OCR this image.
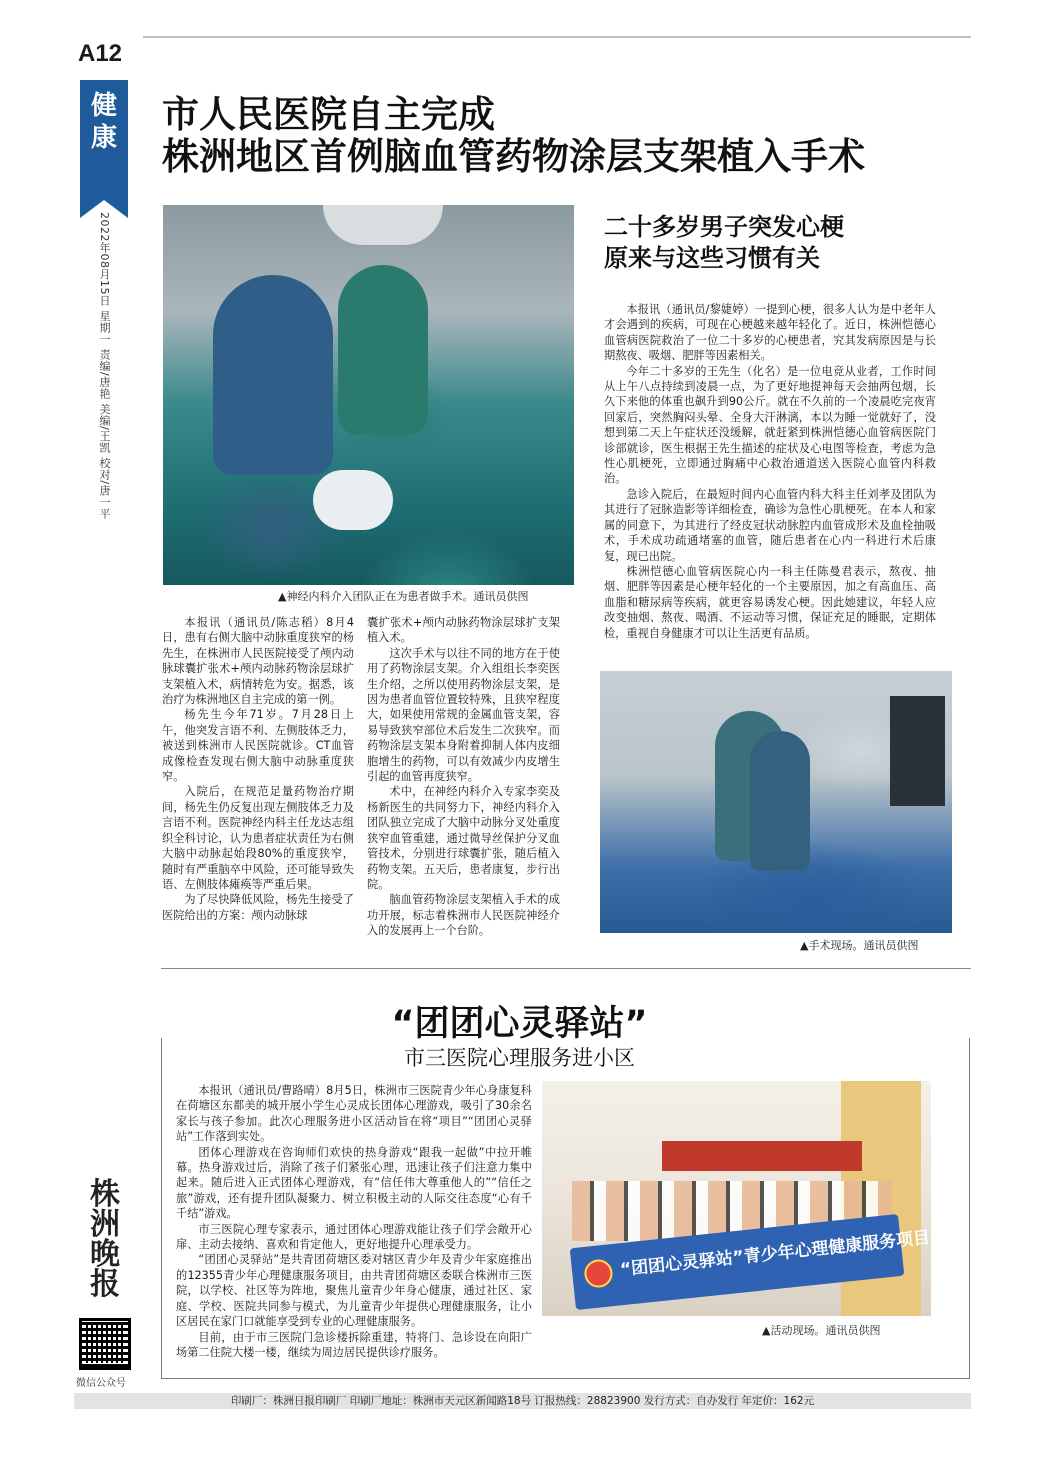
A12
健
康
2022年08月15日 星期一 责编/唐艳 美编/王凯 校对/唐一平
株
洲
晚
报
微信公众号
市人民医院自主完成
株洲地区首例脑血管药物涂层支架植入手术
▲神经内科介入团队正在为患者做手术。通讯员供图

本报讯（通讯员/陈志稻）8月4日，患有右侧大脑中动脉重度狭窄的杨先生，在株洲市人民医院接受了颅内动脉球囊扩张术+颅内动脉药物涂层球扩支架植入术，病情转危为安。据悉，该治疗为株洲地区自主完成的第一例。

杨先生今年71岁。7月28日上午，他突发言语不利、左侧肢体乏力，被送到株洲市人民医院就诊。CT血管成像检查发现右侧大脑中动脉重度狭窄。

入院后，在规范足量药物治疗期间，杨先生仍反复出现左侧肢体乏力及言语不利。医院神经内科主任龙达志组织全科讨论，认为患者症状责任为右侧大脑中动脉起始段80%的重度狭窄，随时有严重脑卒中风险，还可能导致失语、左侧肢体瘫痪等严重后果。

为了尽快降低风险，杨先生接受了医院给出的方案：颅内动脉球

囊扩张术+颅内动脉药物涂层球扩支架植入术。

这次手术与以往不同的地方在于使用了药物涂层支架。介入组组长李奕医生介绍，之所以使用药物涂层支架，是因为患者血管位置较特殊，且狭窄程度大，如果使用常规的金属血管支架，容易导致狭窄部位术后发生二次狭窄。而药物涂层支架本身附着抑制人体内皮细胞增生的药物，可以有效减少内皮增生引起的血管再度狭窄。

术中，在神经内科介入专家李奕及杨新医生的共同努力下，神经内科介入团队独立完成了大脑中动脉分叉处重度狭窄血管重建，通过微导丝保护分叉血管技术，分别进行球囊扩张，随后植入药物支架。五天后，患者康复，步行出院。

脑血管药物涂层支架植入手术的成功开展，标志着株洲市人民医院神经介入的发展再上一个台阶。

二十多岁男子突发心梗
原来与这些习惯有关

本报讯（通讯员/黎婕婷）一提到心梗，很多人认为是中老年人才会遇到的疾病，可现在心梗越来越年轻化了。近日，株洲恺德心血管病医院救治了一位二十多岁的心梗患者，究其发病原因是与长期熬夜、吸烟、肥胖等因素相关。

今年二十多岁的王先生（化名）是一位电竞从业者，工作时间从上午八点持续到凌晨一点，为了更好地提神每天会抽两包烟，长久下来他的体重也飙升到90公斤。就在不久前的一个凌晨吃完夜宵回家后，突然胸闷头晕、全身大汗淋漓，本以为睡一觉就好了，没想到第二天上午症状还没缓解，就赶紧到株洲恺德心血管病医院门诊部就诊，医生根据王先生描述的症状及心电图等检查，考虑为急性心肌梗死，立即通过胸痛中心救治通道送入医院心血管内科救治。

急诊入院后，在最短时间内心血管内科大科主任刘孝及团队为其进行了冠脉造影等详细检查，确诊为急性心肌梗死。在本人和家属的同意下，为其进行了经皮冠状动脉腔内血管成形术及血栓抽吸术，手术成功疏通堵塞的血管，随后患者在心内一科进行术后康复，现已出院。

株洲恺德心血管病医院心内一科主任陈曼君表示，熬夜、抽烟、肥胖等因素是心梗年轻化的一个主要原因，加之有高血压、高血脂和糖尿病等疾病，就更容易诱发心梗。因此她建议，年轻人应改变抽烟、熬夜、喝酒、不运动等习惯，保证充足的睡眠，定期体检，重视自身健康才可以让生活更有品质。

▲手术现场。通讯员供图
“团团心灵驿站”
市三医院心理服务进小区

本报讯（通讯员/曹路晴）8月5日，株洲市三医院青少年心身康复科在荷塘区东都美的城开展小学生心灵成长团体心理游戏，吸引了30余名家长与孩子参加。此次心理服务进小区活动旨在将“项目”“团团心灵驿站”工作落到实处。

团体心理游戏在咨询师们欢快的热身游戏“跟我一起做”中拉开帷幕。热身游戏过后，消除了孩子们紧张心理，迅速让孩子们注意力集中起来。随后进入正式团体心理游戏，有“信任伟大尊重他人的”“信任之旅”游戏，还有提升团队凝聚力、树立积极主动的人际交往态度“心有千千结”游戏。

市三医院心理专家表示，通过团体心理游戏能让孩子们学会敞开心扉、主动去接纳、喜欢和肯定他人，更好地提升心理承受力。

“团团心灵驿站”是共青团荷塘区委对辖区青少年及青少年家庭推出的12355青少年心理健康服务项目，由共青团荷塘区委联合株洲市三医院，以学校、社区等为阵地，聚焦儿童青少年身心健康，通过社区、家庭、学校、医院共同参与模式，为儿童青少年提供心理健康服务，让小区居民在家门口就能享受到专业的心理健康服务。

目前，由于市三医院门急诊楼拆除重建，特将门、急诊设在向阳广场第二住院大楼一楼，继续为周边居民提供诊疗服务。

“团团心灵驿站”青少年心理健康服务项目
▲活动现场。通讯员供图
印刷厂：株洲日报印刷厂 印刷厂地址：株洲市天元区新闻路18号 订报热线：28823900 发行方式：自办发行 年定价：162元
